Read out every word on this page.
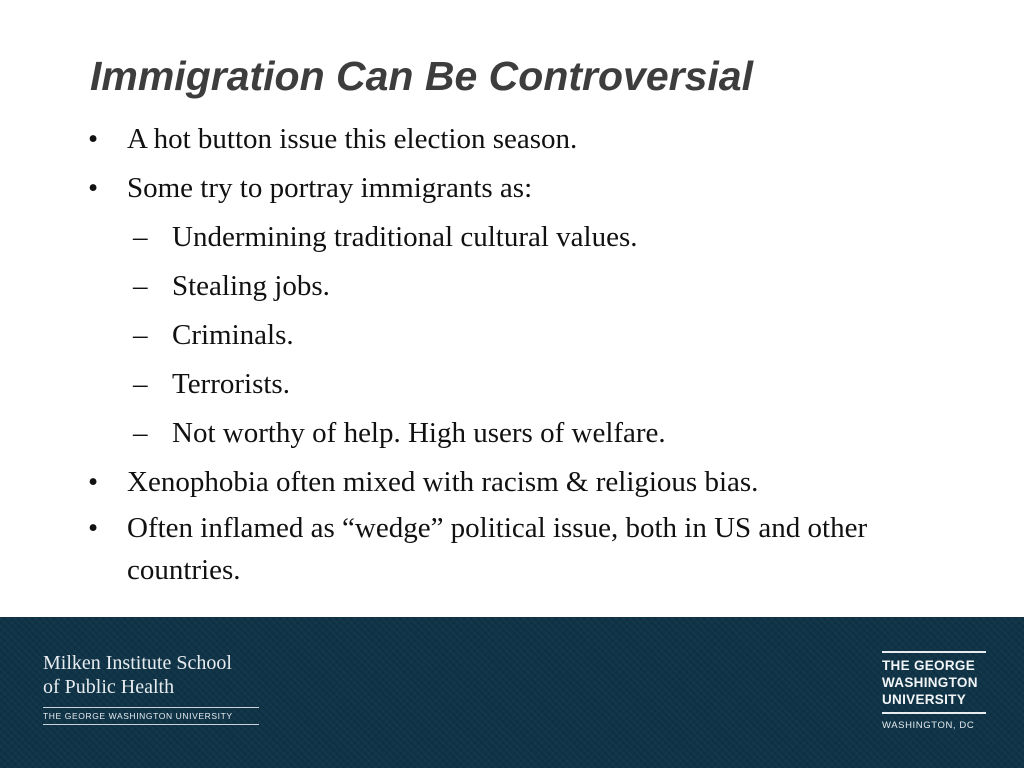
Immigration Can Be Controversial
• A hot button issue this election season.
• Some try to portray immigrants as:
– Undermining traditional cultural values.
– Stealing jobs.
– Criminals.
– Terrorists.
– Not worthy of help. High users of welfare.
• Xenophobia often mixed with racism & religious bias.
• Often inflamed as “wedge” political issue, both in US and other countries.
Milken Institute School
of Public Health
THE GEORGE WASHINGTON UNIVERSITY
THE GEORGE
WASHINGTON
UNIVERSITY
WASHINGTON, DC
